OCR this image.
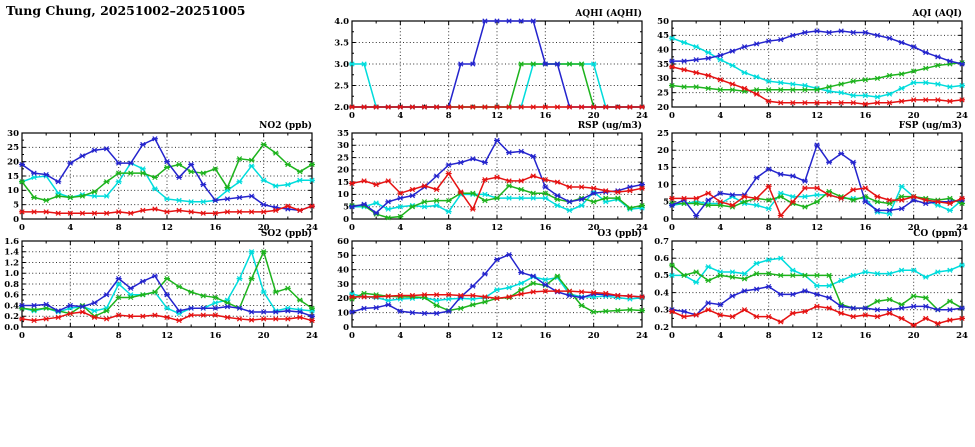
Tung Chung, 20251002–20251005
0	4	8	12	16	20	24
2.0
2.5
3.0
3.5
4.0
AQHI (AQHI)
0	4	8	12	16	20	24
20
25
30
35
40
45
50
AQI (AQI)
0	4	8	12	16	20	24
0
5
10
15
20
25
30
NO2 (ppb)
0	4	8	12	16	20	24
0
5
10
15
20
25
30
35
RSP (ug/m3)
0	4	8	12	16	20	24
0
5
10
15
20
25
FSP (ug/m3)
0	4	8	12	16	20	24
0.0
0.2
0.4
0.6
0.8
1.0
1.2
1.4
1.6
SO2 (ppb)
0	4	8	12	16	20	24
0
10
20
30
40
50
60
O3 (ppb)
0	4	8	12	16	20	24
0.2
0.3
0.4
0.5
0.6
0.7
CO (ppm)
